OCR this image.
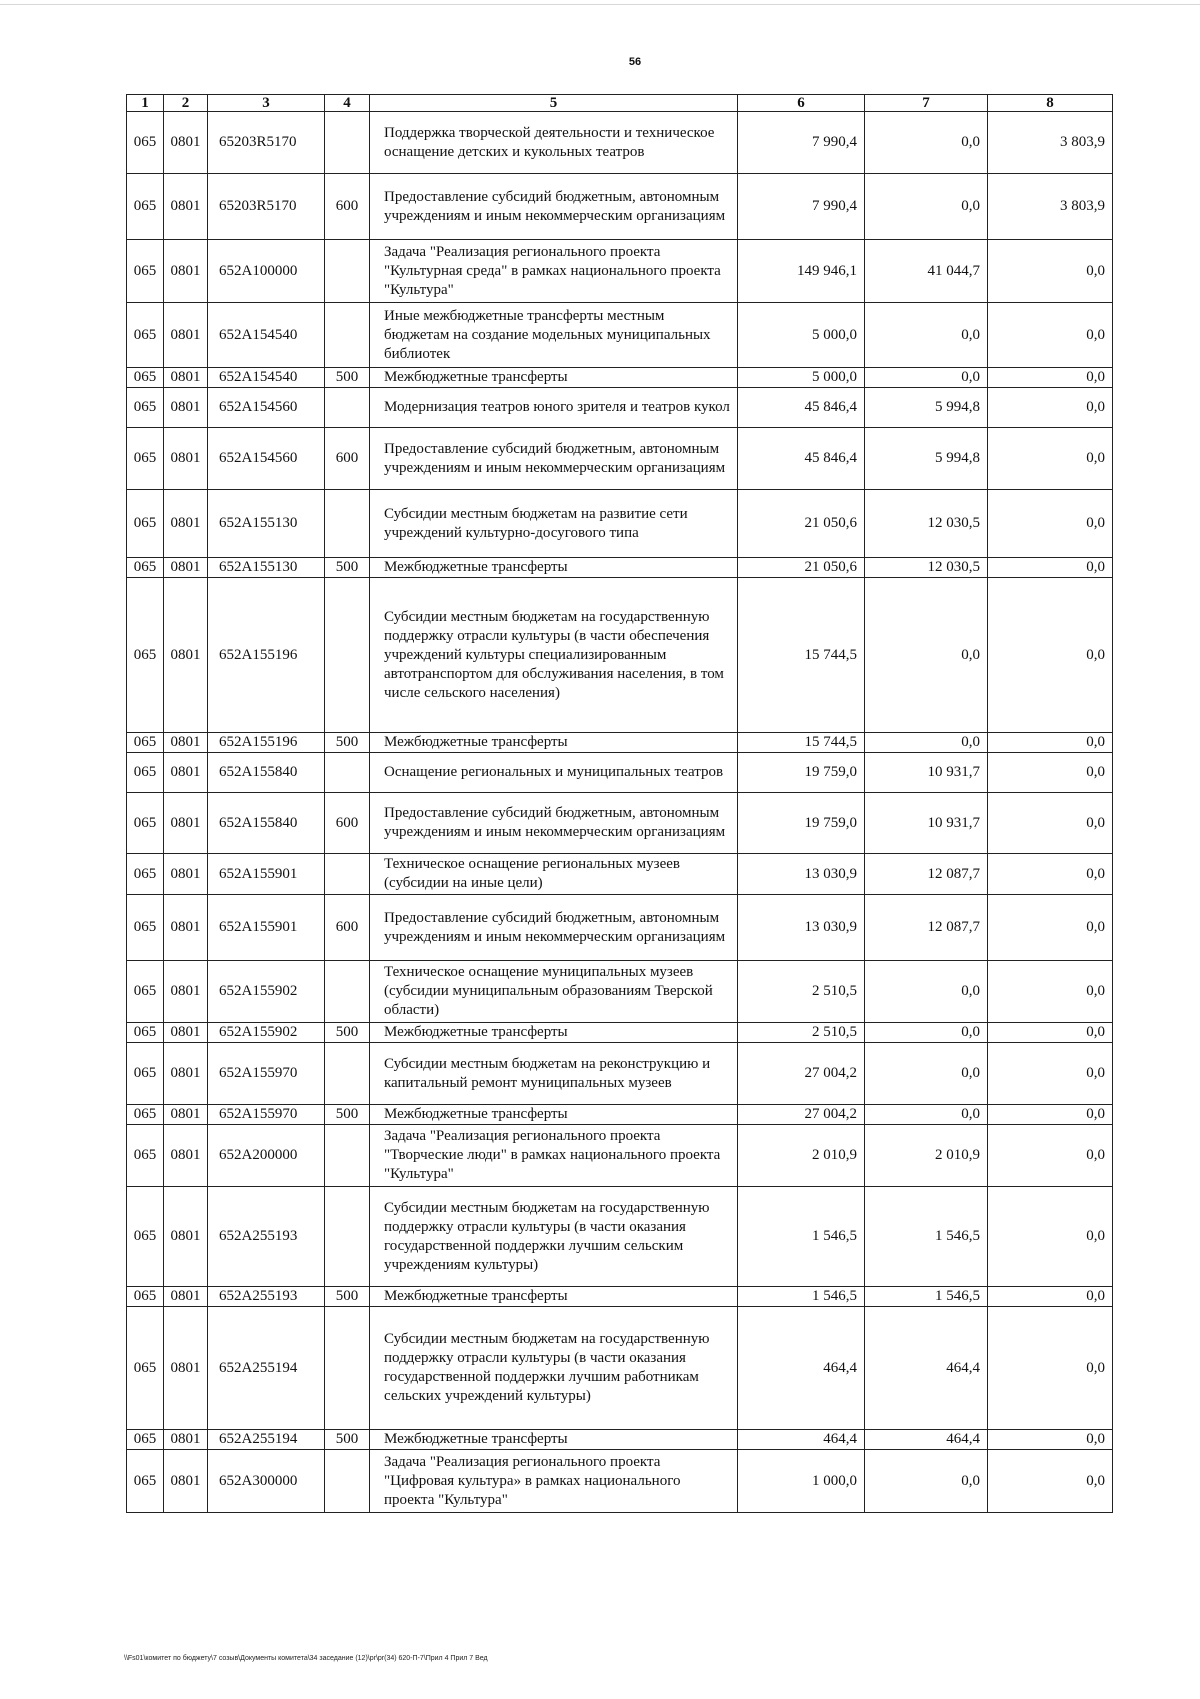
56
1	2	3	4	5	6	7	8
065	0801	65203R5170		Поддержка творческой деятельности и техническое оснащение детских и кукольных театров	7 990,4	0,0	3 803,9
065	0801	65203R5170	600	Предоставление субсидий бюджетным, автономным учреждениям и иным некоммерческим организациям	7 990,4	0,0	3 803,9
065	0801	652A100000		Задача "Реализация регионального проекта "Культурная среда" в рамках национального проекта "Культура"	149 946,1	41 044,7	0,0
065	0801	652A154540		Иные межбюджетные трансферты местным бюджетам на создание модельных муниципальных библиотек	5 000,0	0,0	0,0
065	0801	652A154540	500	Межбюджетные трансферты	5 000,0	0,0	0,0
065	0801	652A154560		Модернизация театров юного зрителя и театров кукол	45 846,4	5 994,8	0,0
065	0801	652A154560	600	Предоставление субсидий бюджетным, автономным учреждениям и иным некоммерческим организациям	45 846,4	5 994,8	0,0
065	0801	652A155130		Субсидии местным бюджетам на развитие сети учреждений культурно-досугового типа	21 050,6	12 030,5	0,0
065	0801	652A155130	500	Межбюджетные трансферты	21 050,6	12 030,5	0,0
065	0801	652A155196		Субсидии местным бюджетам на государственную поддержку отрасли культуры (в части обеспечения учреждений культуры специализированным автотранспортом для обслуживания населения, в том числе сельского населения)	15 744,5	0,0	0,0
065	0801	652A155196	500	Межбюджетные трансферты	15 744,5	0,0	0,0
065	0801	652A155840		Оснащение региональных и муниципальных театров	19 759,0	10 931,7	0,0
065	0801	652A155840	600	Предоставление субсидий бюджетным, автономным учреждениям и иным некоммерческим организациям	19 759,0	10 931,7	0,0
065	0801	652A155901		Техническое оснащение региональных музеев (субсидии на иные цели)	13 030,9	12 087,7	0,0
065	0801	652A155901	600	Предоставление субсидий бюджетным, автономным учреждениям и иным некоммерческим организациям	13 030,9	12 087,7	0,0
065	0801	652A155902		Техническое оснащение муниципальных музеев (субсидии муниципальным образованиям Тверской области)	2 510,5	0,0	0,0
065	0801	652A155902	500	Межбюджетные трансферты	2 510,5	0,0	0,0
065	0801	652A155970		Субсидии местным бюджетам на реконструкцию и капитальный ремонт муниципальных музеев	27 004,2	0,0	0,0
065	0801	652A155970	500	Межбюджетные трансферты	27 004,2	0,0	0,0
065	0801	652A200000		Задача "Реализация регионального проекта "Творческие люди" в рамках национального проекта "Культура"	2 010,9	2 010,9	0,0
065	0801	652A255193		Субсидии местным бюджетам на государственную поддержку отрасли культуры (в части оказания государственной поддержки лучшим сельским учреждениям культуры)	1 546,5	1 546,5	0,0
065	0801	652A255193	500	Межбюджетные трансферты	1 546,5	1 546,5	0,0
065	0801	652A255194		Субсидии местным бюджетам на государственную поддержку отрасли культуры (в части оказания государственной поддержки лучшим работникам сельских учреждений культуры)	464,4	464,4	0,0
065	0801	652A255194	500	Межбюджетные трансферты	464,4	464,4	0,0
065	0801	652A300000		Задача "Реализация регионального проекта "Цифровая культура» в рамках национального проекта "Культура"	1 000,0	0,0	0,0
\\Fs01\комитет по бюджету\7 созыв\Документы комитета\34 заседание (12)\pr\pr(34) 620-П-7\Прил 4 Прил 7 Вед
